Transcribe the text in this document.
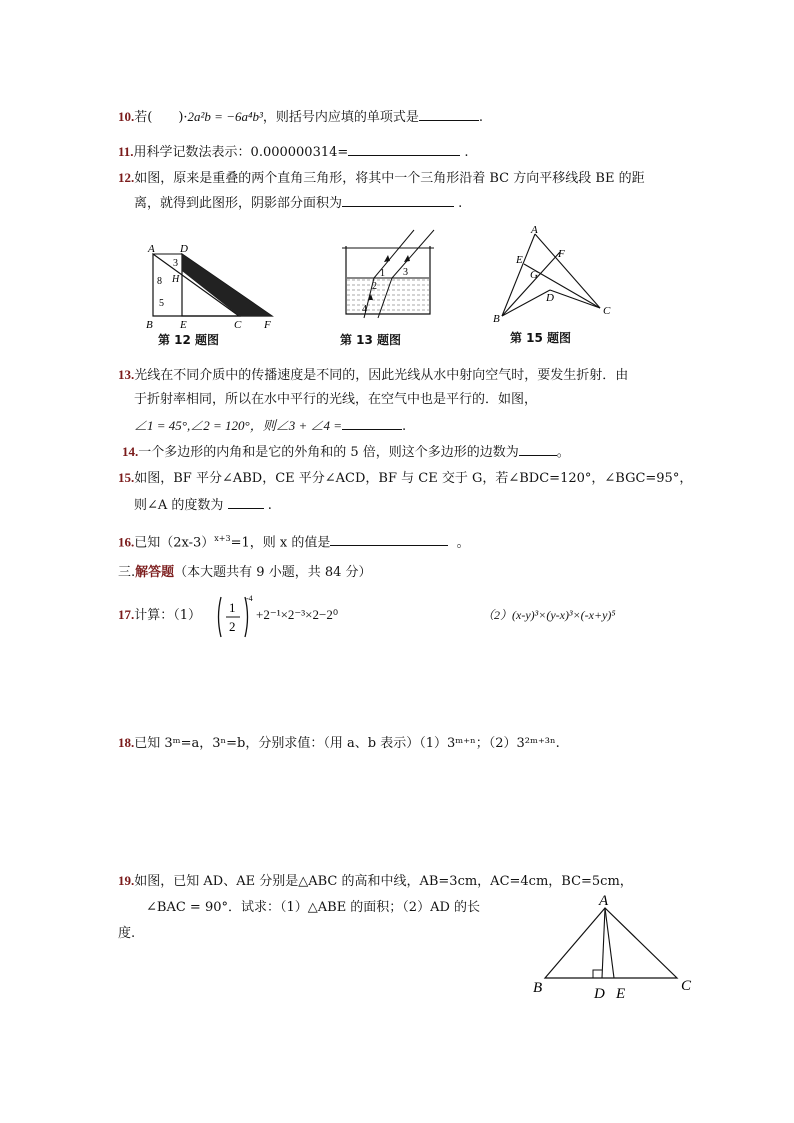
10.若(　　)·2a²b = −6a⁴b³，则括号内应填的单项式是	.
11.用科学记数法表示：0.000000314=	.
12.如图，原来是重叠的两个直角三角形，将其中一个三角形沿着 BC 方向平移线段 BE 的距
离，就得到此图形，阴影部分面积为	.
A D
H
3
8
5
B E	C F
第 12 题图
1
2
3
4
第 13 题图
A
E	F
G
D
B
C
第 15 题图
13.光线在不同介质中的传播速度是不同的，因此光线从水中射向空气时，要发生折射．由
于折射率相同，所以在水中平行的光线，在空气中也是平行的．如图，
∠1 = 45°,∠2 = 120°，则∠3 + ∠4 =	.
14.一个多边形的内角和是它的外角和的 5 倍，则这个多边形的边数为	。
15.如图，BF 平分∠ABD，CE 平分∠ACD，BF 与 CE 交于 G，若∠BDC=120°，∠BGC=95°，
则∠A 的度数为	.
16.已知$(2x-3)^{x+3}=1$，则 x 的值是	。
三.解答题（本大题共有 9 小题，共 84 分）
17.计算：（1）
1
2
-4
+2⁻¹×2⁻³×2−2⁰	（2）(x-y)³×(y-x)³×(-x+y)⁵
18.已知 3ᵐ=a，3ⁿ=b，分别求值：（用 a、b 表示）（1）3ᵐ⁺ⁿ；（2）3²ᵐ⁺³ⁿ.
19.如图，已知 AD、AE 分别是△ABC 的高和中线，AB=3cm，AC=4cm，BC=5cm，
∠BAC = 90°．试求：（1）△ABE 的面积；（2）AD 的长
度.
A
B	C
D E
